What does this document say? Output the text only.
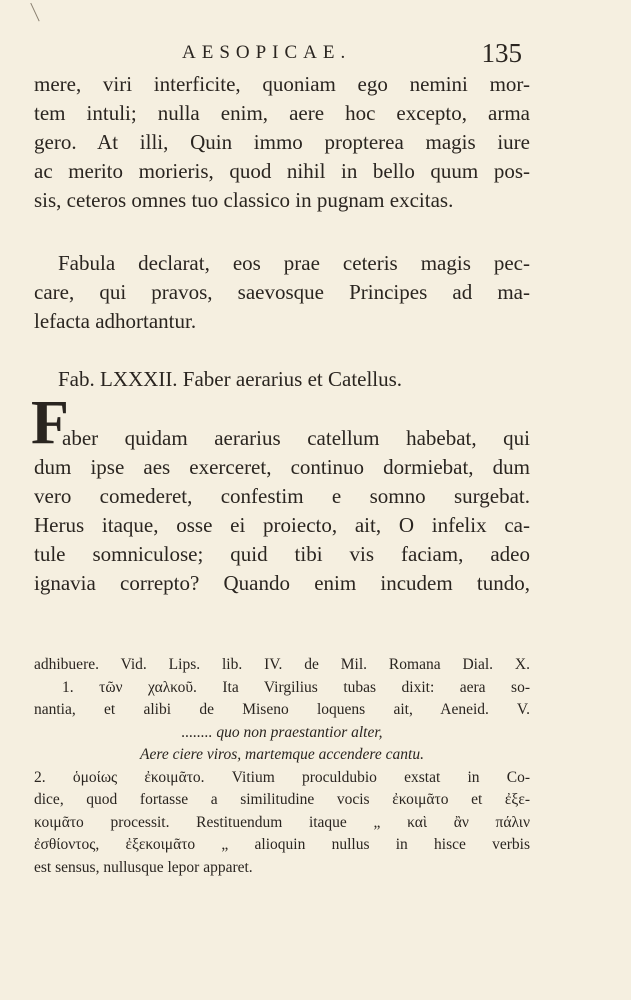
AESOPICAE.	135
mere, viri interficite, quoniam ego nemini mor-
tem intuli; nulla enim, aere hoc excepto, arma
gero. At illi, Quin immo propterea magis iure
ac merito morieris, quod nihil in bello quum pos-
sis, ceteros omnes tuo classico in pugnam excitas.
Fabula declarat, eos prae ceteris magis pec-
care, qui pravos, saevosque Principes ad ma-
lefacta adhortantur.
Fab. LXXXII. Faber aerarius et Catellus.
F
aber quidam aerarius catellum habebat, qui
dum ipse aes exerceret, continuo dormiebat, dum
vero comederet, confestim e somno surgebat.
Herus itaque, osse ei proiecto, ait, O infelix ca-
tule somniculose; quid tibi vis faciam, adeo
ignavia correpto? Quando enim incudem tundo,
adhibuere. Vid. Lips. lib. IV. de Mil. Romana Dial. X.
1. τῶν χαλκοῦ. Ita Virgilius tubas dixit: aera so-
nantia, et alibi de Miseno loquens ait, Aeneid. V.
........ quo non praestantior alter,
Aere ciere viros, martemque accendere cantu.
2. ὁμοίως ἐκοιμᾶτο. Vitium proculdubio exstat in Co-
dice, quod fortasse a similitudine vocis ἐκοιμᾶτο et ἐξε-
κοιμᾶτο processit. Restituendum itaque „ καὶ ἂν πάλιν
ἐσθίοντος, ἐξεκοιμᾶτο „ alioquin nullus in hisce verbis
est sensus, nullusque lepor apparet.
